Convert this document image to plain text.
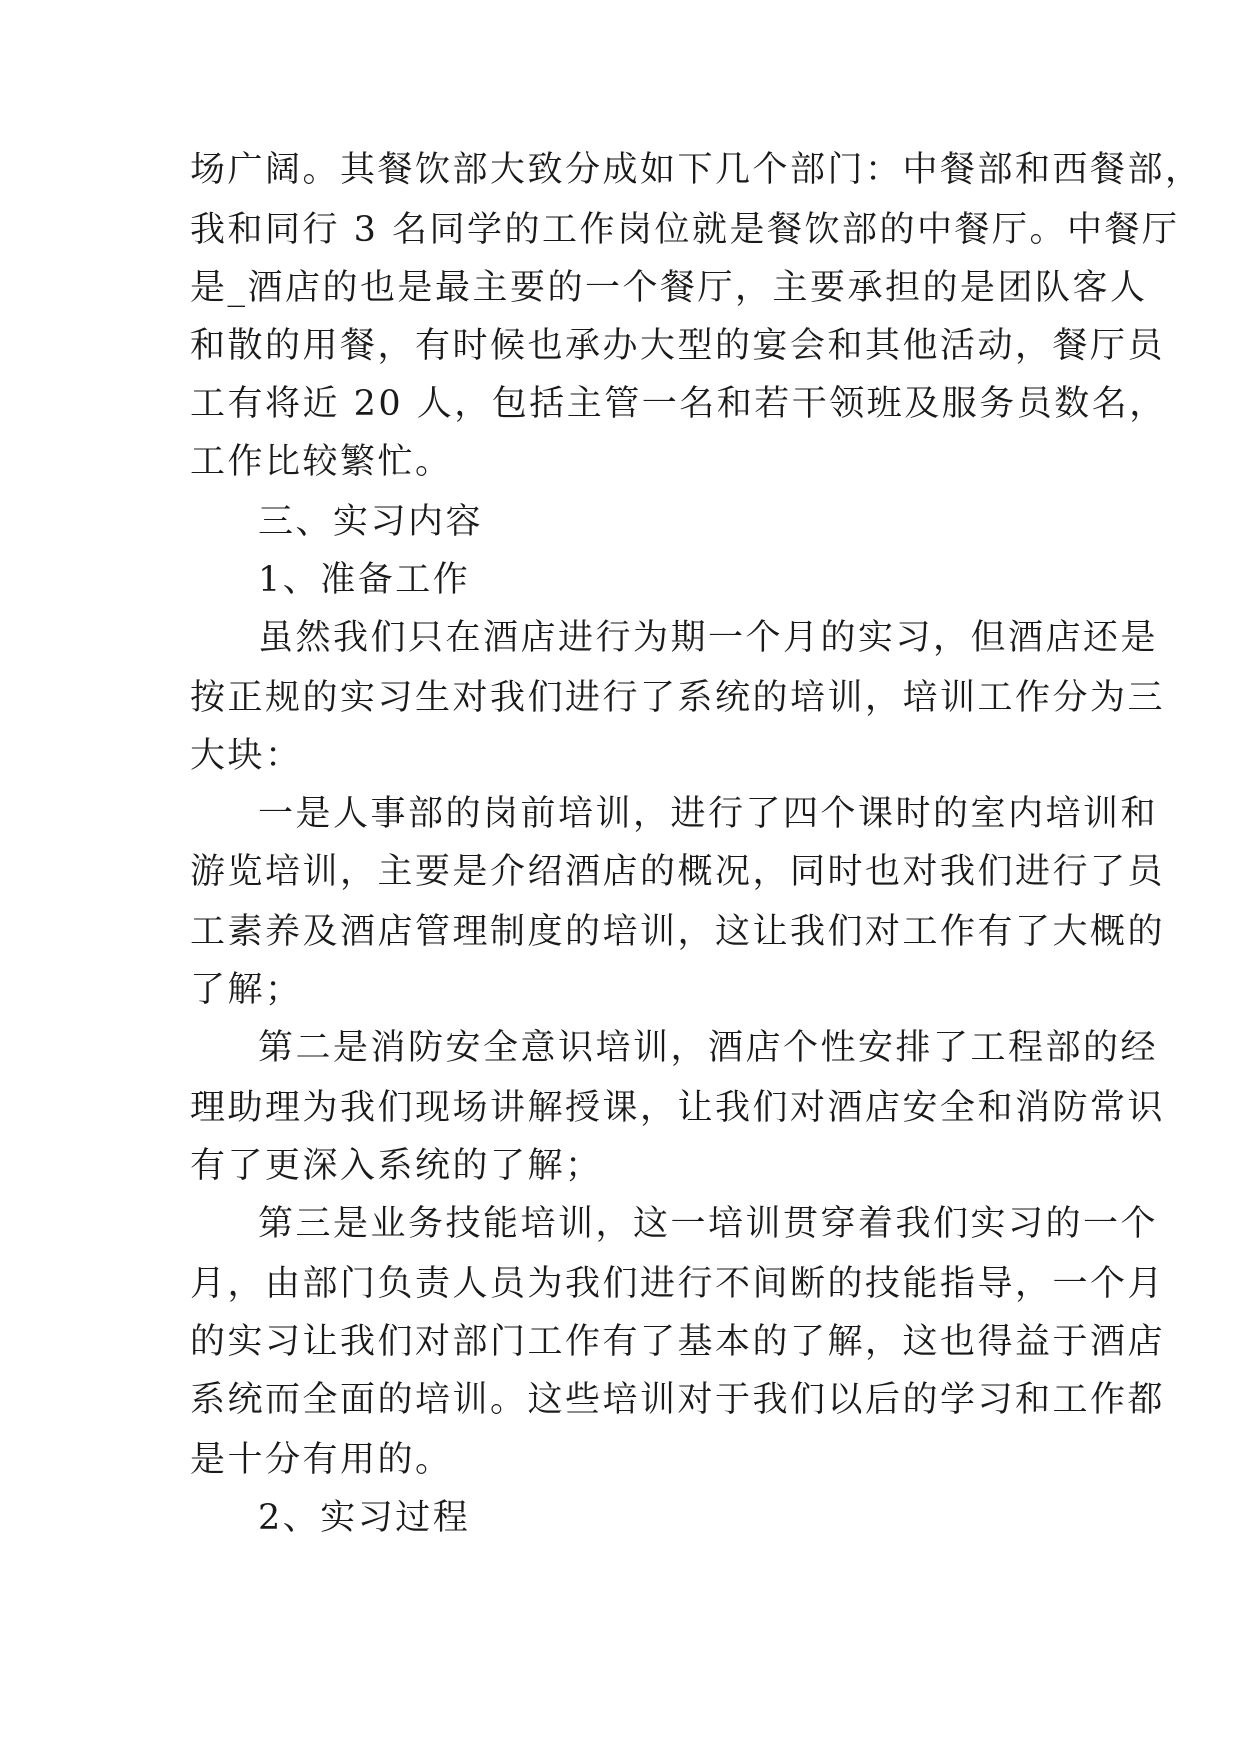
场广阔。其餐饮部大致分成如下几个部门：中餐部和西餐部，
我和同行 3 名同学的工作岗位就是餐饮部的中餐厅。中餐厅
是_酒店的也是最主要的一个餐厅，主要承担的是团队客人
和散的用餐，有时候也承办大型的宴会和其他活动，餐厅员
工有将近 20 人，包括主管一名和若干领班及服务员数名，
工作比较繁忙。
三、实习内容
1、准备工作
虽然我们只在酒店进行为期一个月的实习，但酒店还是
按正规的实习生对我们进行了系统的培训，培训工作分为三
大块：
一是人事部的岗前培训，进行了四个课时的室内培训和
游览培训，主要是介绍酒店的概况，同时也对我们进行了员
工素养及酒店管理制度的培训，这让我们对工作有了大概的
了解；
第二是消防安全意识培训，酒店个性安排了工程部的经
理助理为我们现场讲解授课，让我们对酒店安全和消防常识
有了更深入系统的了解；
第三是业务技能培训，这一培训贯穿着我们实习的一个
月，由部门负责人员为我们进行不间断的技能指导，一个月
的实习让我们对部门工作有了基本的了解，这也得益于酒店
系统而全面的培训。这些培训对于我们以后的学习和工作都
是十分有用的。
2、实习过程
